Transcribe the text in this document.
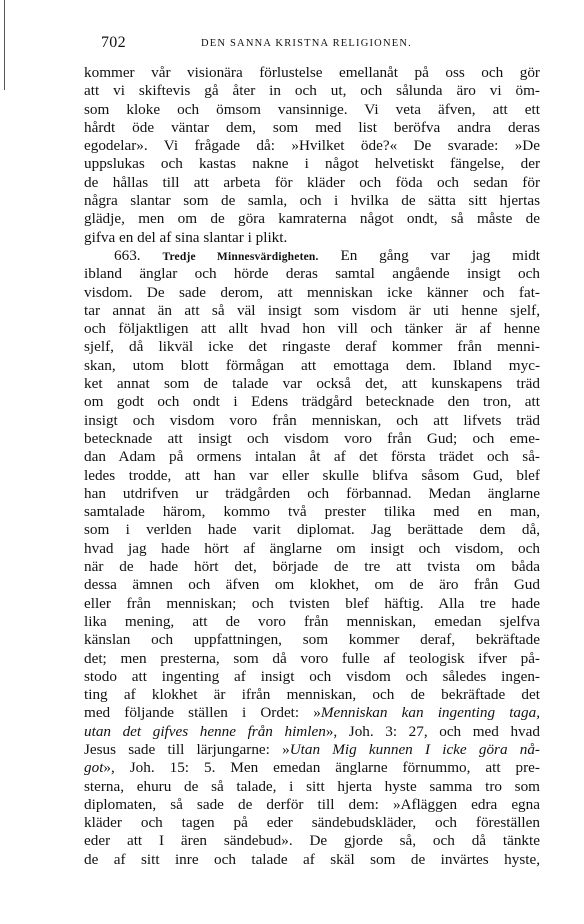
702	DEN SANNA KRISTNA RELIGIONEN.
kommer vår visionära förlustelse emellanåt på oss och gör
att vi skiftevis gå åter in och ut, och sålunda äro vi öm-
som kloke och ömsom vansinnige. Vi veta äfven, att ett
hårdt öde väntar dem, som med list beröfva andra deras
egodelar». Vi frågade då: »Hvilket öde?« De svarade: »De
uppslukas och kastas nakne i något helvetiskt fängelse, der
de hållas till att arbeta för kläder och föda och sedan för
några slantar som de samla, och i hvilka de sätta sitt hjertas
glädje, men om de göra kamraterna något ondt, så måste de
gifva en del af sina slantar i plikt.
663. Tredje Minnesvärdigheten. En gång var jag midt
ibland änglar och hörde deras samtal angående insigt och
visdom. De sade derom, att menniskan icke känner och fat-
tar annat än att så väl insigt som visdom är uti henne sjelf,
och följaktligen att allt hvad hon vill och tänker är af henne
sjelf, då likväl icke det ringaste deraf kommer från menni-
skan, utom blott förmågan att emottaga dem. Ibland myc-
ket annat som de talade var också det, att kunskapens träd
om godt och ondt i Edens trädgård betecknade den tron, att
insigt och visdom voro från menniskan, och att lifvets träd
betecknade att insigt och visdom voro från Gud; och eme-
dan Adam på ormens intalan åt af det första trädet och så-
ledes trodde, att han var eller skulle blifva såsom Gud, blef
han utdrifven ur trädgården och förbannad. Medan änglarne
samtalade härom, kommo två prester tilika med en man,
som i verlden hade varit diplomat. Jag berättade dem då,
hvad jag hade hört af änglarne om insigt och visdom, och
när de hade hört det, började de tre att tvista om båda
dessa ämnen och äfven om klokhet, om de äro från Gud
eller från menniskan; och tvisten blef häftig. Alla tre hade
lika mening, att de voro från menniskan, emedan sjelfva
känslan och uppfattningen, som kommer deraf, bekräftade
det; men presterna, som då voro fulle af teologisk ifver på-
stodo att ingenting af insigt och visdom och således ingen-
ting af klokhet är ifrån menniskan, och de bekräftade det
med följande ställen i Ordet: »Menniskan kan ingenting taga,
utan det gifves henne från himlen», Joh. 3: 27, och med hvad
Jesus sade till lärjungarne: »Utan Mig kunnen I icke göra nå-
got», Joh. 15: 5. Men emedan änglarne förnummo, att pre-
sterna, ehuru de så talade, i sitt hjerta hyste samma tro som
diplomaten, så sade de derför till dem: »Afläggen edra egna
kläder och tagen på eder sändebudskläder, och föreställen
eder att I ären sändebud». De gjorde så, och då tänkte
de af sitt inre och talade af skäl som de invärtes hyste,
